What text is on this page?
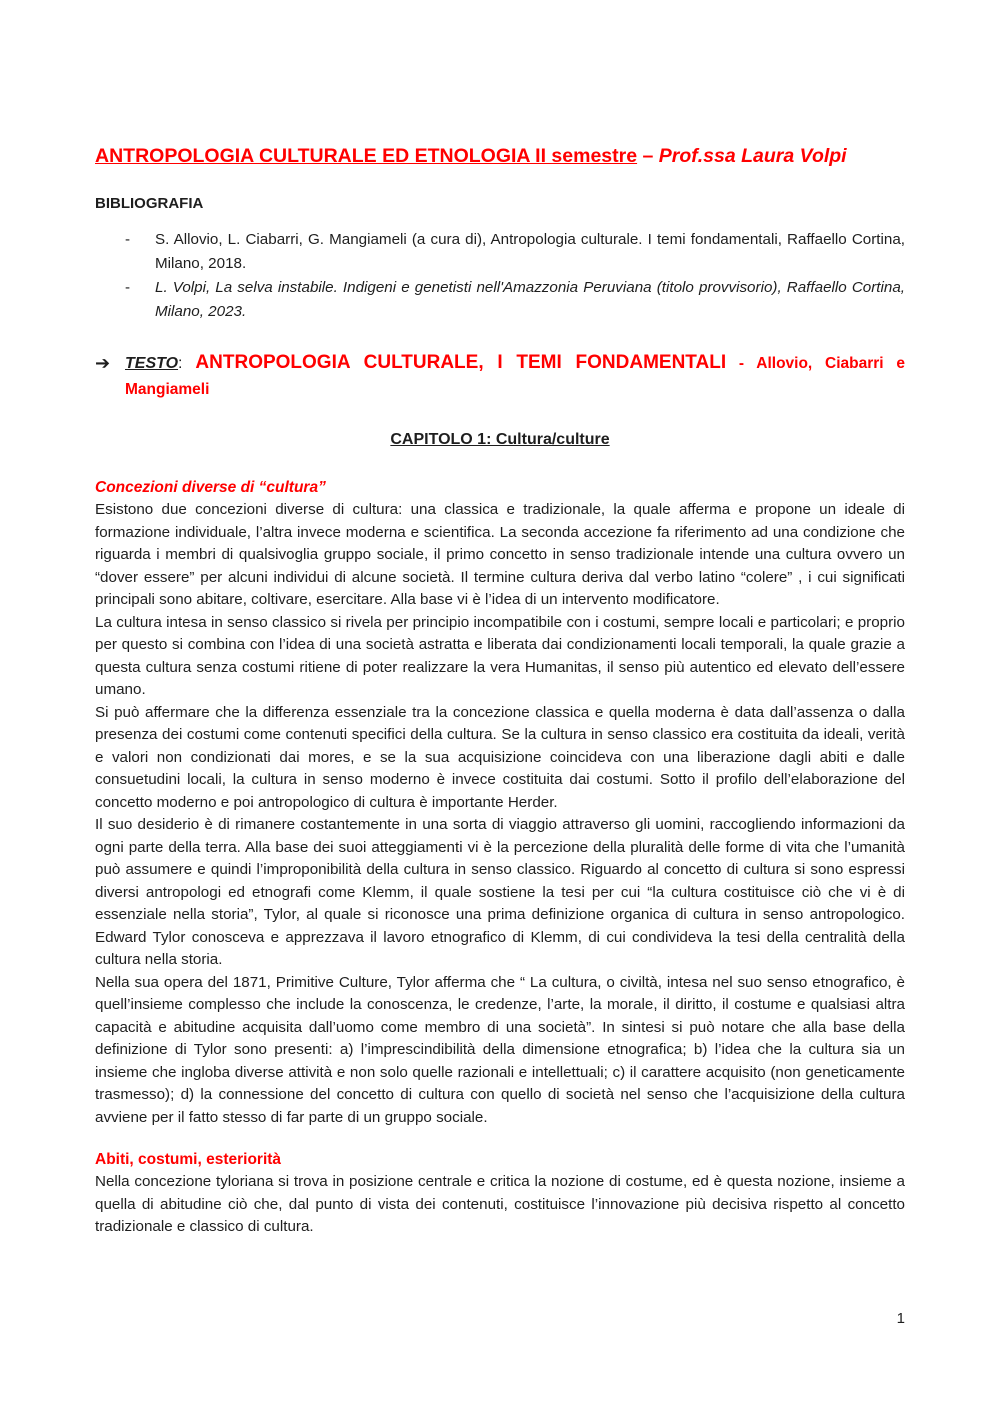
ANTROPOLOGIA CULTURALE ED ETNOLOGIA II semestre – Prof.ssa Laura Volpi
BIBLIOGRAFIA
- S. Allovio, L. Ciabarri, G. Mangiameli (a cura di), Antropologia culturale. I temi fondamentali, Raffaello Cortina, Milano, 2018.
- L. Volpi, La selva instabile. Indigeni e genetisti nell'Amazzonia Peruviana (titolo provvisorio), Raffaello Cortina, Milano, 2023.
➔ TESTO: ANTROPOLOGIA CULTURALE, I TEMI FONDAMENTALI - Allovio, Ciabarri e Mangiameli
CAPITOLO 1: Cultura/culture
Concezioni diverse di “cultura”

Esistono due concezioni diverse di cultura: una classica e tradizionale, la quale afferma e propone un ideale di formazione individuale, l’altra invece moderna e scientifica. La seconda accezione fa riferimento ad una condizione che riguarda i membri di qualsivoglia gruppo sociale, il primo concetto in senso tradizionale intende una cultura ovvero un “dover essere” per alcuni individui di alcune società. Il termine cultura deriva dal verbo latino “colere” , i cui significati principali sono abitare, coltivare, esercitare. Alla base vi è l’idea di un intervento modificatore.

La cultura intesa in senso classico si rivela per principio incompatibile con i costumi, sempre locali e particolari; e proprio per questo si combina con l’idea di una società astratta e liberata dai condizionamenti locali temporali, la quale grazie a questa cultura senza costumi ritiene di poter realizzare la vera Humanitas, il senso più autentico ed elevato dell’essere umano.

Si può affermare che la differenza essenziale tra la concezione classica e quella moderna è data dall’assenza o dalla presenza dei costumi come contenuti specifici della cultura. Se la cultura in senso classico era costituita da ideali, verità e valori non condizionati dai mores, e se la sua acquisizione coincideva con una liberazione dagli abiti e dalle consuetudini locali, la cultura in senso moderno è invece costituita dai costumi. Sotto il profilo dell’elaborazione del concetto moderno e poi antropologico di cultura è importante Herder.

Il suo desiderio è di rimanere costantemente in una sorta di viaggio attraverso gli uomini, raccogliendo informazioni da ogni parte della terra. Alla base dei suoi atteggiamenti vi è la percezione della pluralità delle forme di vita che l’umanità può assumere e quindi l’improponibilità della cultura in senso classico. Riguardo al concetto di cultura si sono espressi diversi antropologi ed etnografi come Klemm, il quale sostiene la tesi per cui “la cultura costituisce ciò che vi è di essenziale nella storia”, Tylor, al quale si riconosce una prima definizione organica di cultura in senso antropologico. Edward Tylor conosceva e apprezzava il lavoro etnografico di Klemm, di cui condivideva la tesi della centralità della cultura nella storia.

Nella sua opera del 1871, Primitive Culture, Tylor afferma che “ La cultura, o civiltà, intesa nel suo senso etnografico, è quell’insieme complesso che include la conoscenza, le credenze, l’arte, la morale, il diritto, il costume e qualsiasi altra capacità e abitudine acquisita dall’uomo come membro di una società”. In sintesi si può notare che alla base della definizione di Tylor sono presenti: a) l’imprescindibilità della dimensione etnografica; b) l’idea che la cultura sia un insieme che ingloba diverse attività e non solo quelle razionali e intellettuali; c) il carattere acquisito (non geneticamente trasmesso); d) la connessione del concetto di cultura con quello di società nel senso che l’acquisizione della cultura avviene per il fatto stesso di far parte di un gruppo sociale.

Abiti, costumi, esteriorità

Nella concezione tyloriana si trova in posizione centrale e critica la nozione di costume, ed è questa nozione, insieme a quella di abitudine ciò che, dal punto di vista dei contenuti, costituisce l’innovazione più decisiva rispetto al concetto tradizionale e classico di cultura.

1
